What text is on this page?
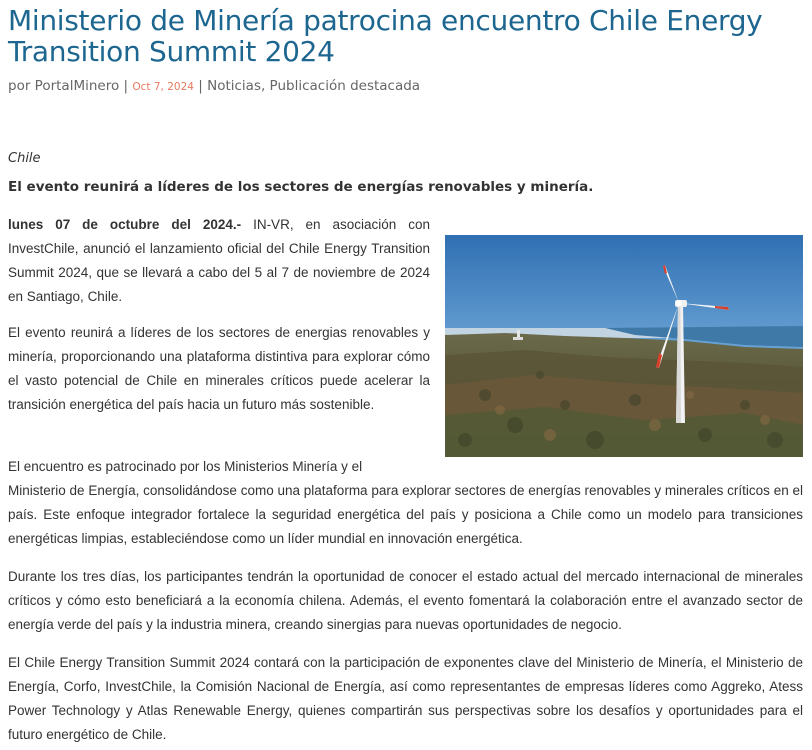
Ministerio de Minería patrocina encuentro Chile Energy Transition Summit 2024
por PortalMinero | Oct 7, 2024 | Noticias, Publicación destacada
Chile
El evento reunirá a líderes de los sectores de energías renovables y minería.

lunes 07 de octubre del 2024.- IN-VR, en asociación con InvestChile, anunció el lanzamiento oficial del Chile Energy Transition Summit 2024, que se llevará a cabo del 5 al 7 de noviembre de 2024 en Santiago, Chile.

El evento reunirá a líderes de los sectores de energias renovables y minería, proporcionando una plataforma distintiva para explorar cómo el vasto potencial de Chile en minerales críticos puede acelerar la transición energética del país hacia un futuro más sostenible.

El encuentro es patrocinado por los Ministerios Minería y el

Ministerio de Energía, consolidándose como una plataforma para explorar sectores de energías renovables y minerales críticos en el país. Este enfoque integrador fortalece la seguridad energética del país y posiciona a Chile como un modelo para transiciones energéticas limpias, estableciéndose como un líder mundial en innovación energética.

Durante los tres días, los participantes tendrán la oportunidad de conocer el estado actual del mercado internacional de minerales críticos y cómo esto beneficiará a la economía chilena. Además, el evento fomentará la colaboración entre el avanzado sector de energía verde del país y la industria minera, creando sinergias para nuevas oportunidades de negocio.

El Chile Energy Transition Summit 2024 contará con la participación de exponentes clave del Ministerio de Minería, el Ministerio de Energía, Corfo, InvestChile, la Comisión Nacional de Energía, así como representantes de empresas líderes como Aggreko, Atess Power Technology y Atlas Renewable Energy, quienes compartirán sus perspectivas sobre los desafíos y oportunidades para el futuro energético de Chile.
